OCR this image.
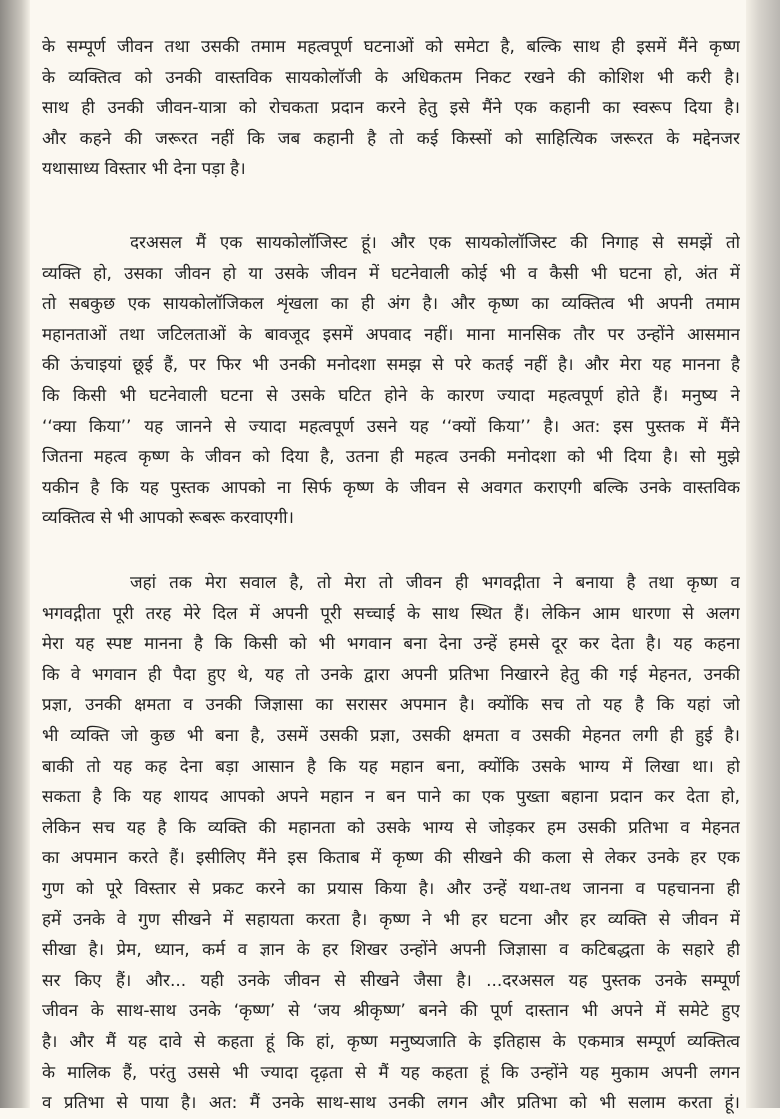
के सम्पूर्ण जीवन तथा उसकी तमाम महत्वपूर्ण घटनाओं को समेटा है, बल्कि साथ ही इसमें मैंने कृष्ण
के व्यक्तित्व को उनकी वास्तविक सायकोलॉजी के अधिकतम निकट रखने की कोशिश भी करी है।
साथ ही उनकी जीवन-यात्रा को रोचकता प्रदान करने हेतु इसे मैंने एक कहानी का स्वरूप दिया है।
और कहने की जरूरत नहीं कि जब कहानी है तो कई किस्सों को साहित्यिक जरूरत के मद्देनजर
यथासाध्य विस्तार भी देना पड़ा है।
दरअसल मैं एक सायकोलॉजिस्ट हूं। और एक सायकोलॉजिस्ट की निगाह से समझें तो
व्यक्ति हो, उसका जीवन हो या उसके जीवन में घटनेवाली कोई भी व कैसी भी घटना हो, अंत में
तो सबकुछ एक सायकोलॉजिकल शृंखला का ही अंग है। और कृष्ण का व्यक्तित्व भी अपनी तमाम
महानताओं तथा जटिलताओं के बावजूद इसमें अपवाद नहीं। माना मानसिक तौर पर उन्होंने आसमान
की ऊंचाइयां छूई हैं, पर फिर भी उनकी मनोदशा समझ से परे कतई नहीं है। और मेरा यह मानना है
कि किसी भी घटनेवाली घटना से उसके घटित होने के कारण ज्यादा महत्वपूर्ण होते हैं। मनुष्य ने
‘‘क्या किया’’ यह जानने से ज्यादा महत्वपूर्ण उसने यह ‘‘क्यों किया’’ है। अत: इस पुस्तक में मैंने
जितना महत्व कृष्ण के जीवन को दिया है, उतना ही महत्व उनकी मनोदशा को भी दिया है। सो मुझे
यकीन है कि यह पुस्तक आपको ना सिर्फ कृष्ण के जीवन से अवगत कराएगी बल्कि उनके वास्तविक
व्यक्तित्व से भी आपको रूबरू करवाएगी।
जहां तक मेरा सवाल है, तो मेरा तो जीवन ही भगवद्गीता ने बनाया है तथा कृष्ण व
भगवद्गीता पूरी तरह मेरे दिल में अपनी पूरी सच्चाई के साथ स्थित हैं। लेकिन आम धारणा से अलग
मेरा यह स्पष्ट मानना है कि किसी को भी भगवान बना देना उन्हें हमसे दूर कर देता है। यह कहना
कि वे भगवान ही पैदा हुए थे, यह तो उनके द्वारा अपनी प्रतिभा निखारने हेतु की गई मेहनत, उनकी
प्रज्ञा, उनकी क्षमता व उनकी जिज्ञासा का सरासर अपमान है। क्योंकि सच तो यह है कि यहां जो
भी व्यक्ति जो कुछ भी बना है, उसमें उसकी प्रज्ञा, उसकी क्षमता व उसकी मेहनत लगी ही हुई है।
बाकी तो यह कह देना बड़ा आसान है कि यह महान बना, क्योंकि उसके भाग्य में लिखा था। हो
सकता है कि यह शायद आपको अपने महान न बन पाने का एक पुख्ता बहाना प्रदान कर देता हो,
लेकिन सच यह है कि व्यक्ति की महानता को उसके भाग्य से जोड़कर हम उसकी प्रतिभा व मेहनत
का अपमान करते हैं। इसीलिए मैंने इस किताब में कृष्ण की सीखने की कला से लेकर उनके हर एक
गुण को पूरे विस्तार से प्रकट करने का प्रयास किया है। और उन्हें यथा-तथ जानना व पहचानना ही
हमें उनके वे गुण सीखने में सहायता करता है। कृष्ण ने भी हर घटना और हर व्यक्ति से जीवन में
सीखा है। प्रेम, ध्यान, कर्म व ज्ञान के हर शिखर उन्होंने अपनी जिज्ञासा व कटिबद्धता के सहारे ही
सर किए हैं। और... यही उनके जीवन से सीखने जैसा है। ...दरअसल यह पुस्तक उनके सम्पूर्ण
जीवन के साथ-साथ उनके ‘कृष्ण’ से ‘जय श्रीकृष्ण’ बनने की पूर्ण दास्तान भी अपने में समेटे हुए
है। और मैं यह दावे से कहता हूं कि हां, कृष्ण मनुष्यजाति के इतिहास के एकमात्र सम्पूर्ण व्यक्तित्व
के मालिक हैं, परंतु उससे भी ज्यादा दृढ़ता से मैं यह कहता हूं कि उन्होंने यह मुकाम अपनी लगन
व प्रतिभा से पाया है। अत: मैं उनके साथ-साथ उनकी लगन और प्रतिभा को भी सलाम करता हूं।
